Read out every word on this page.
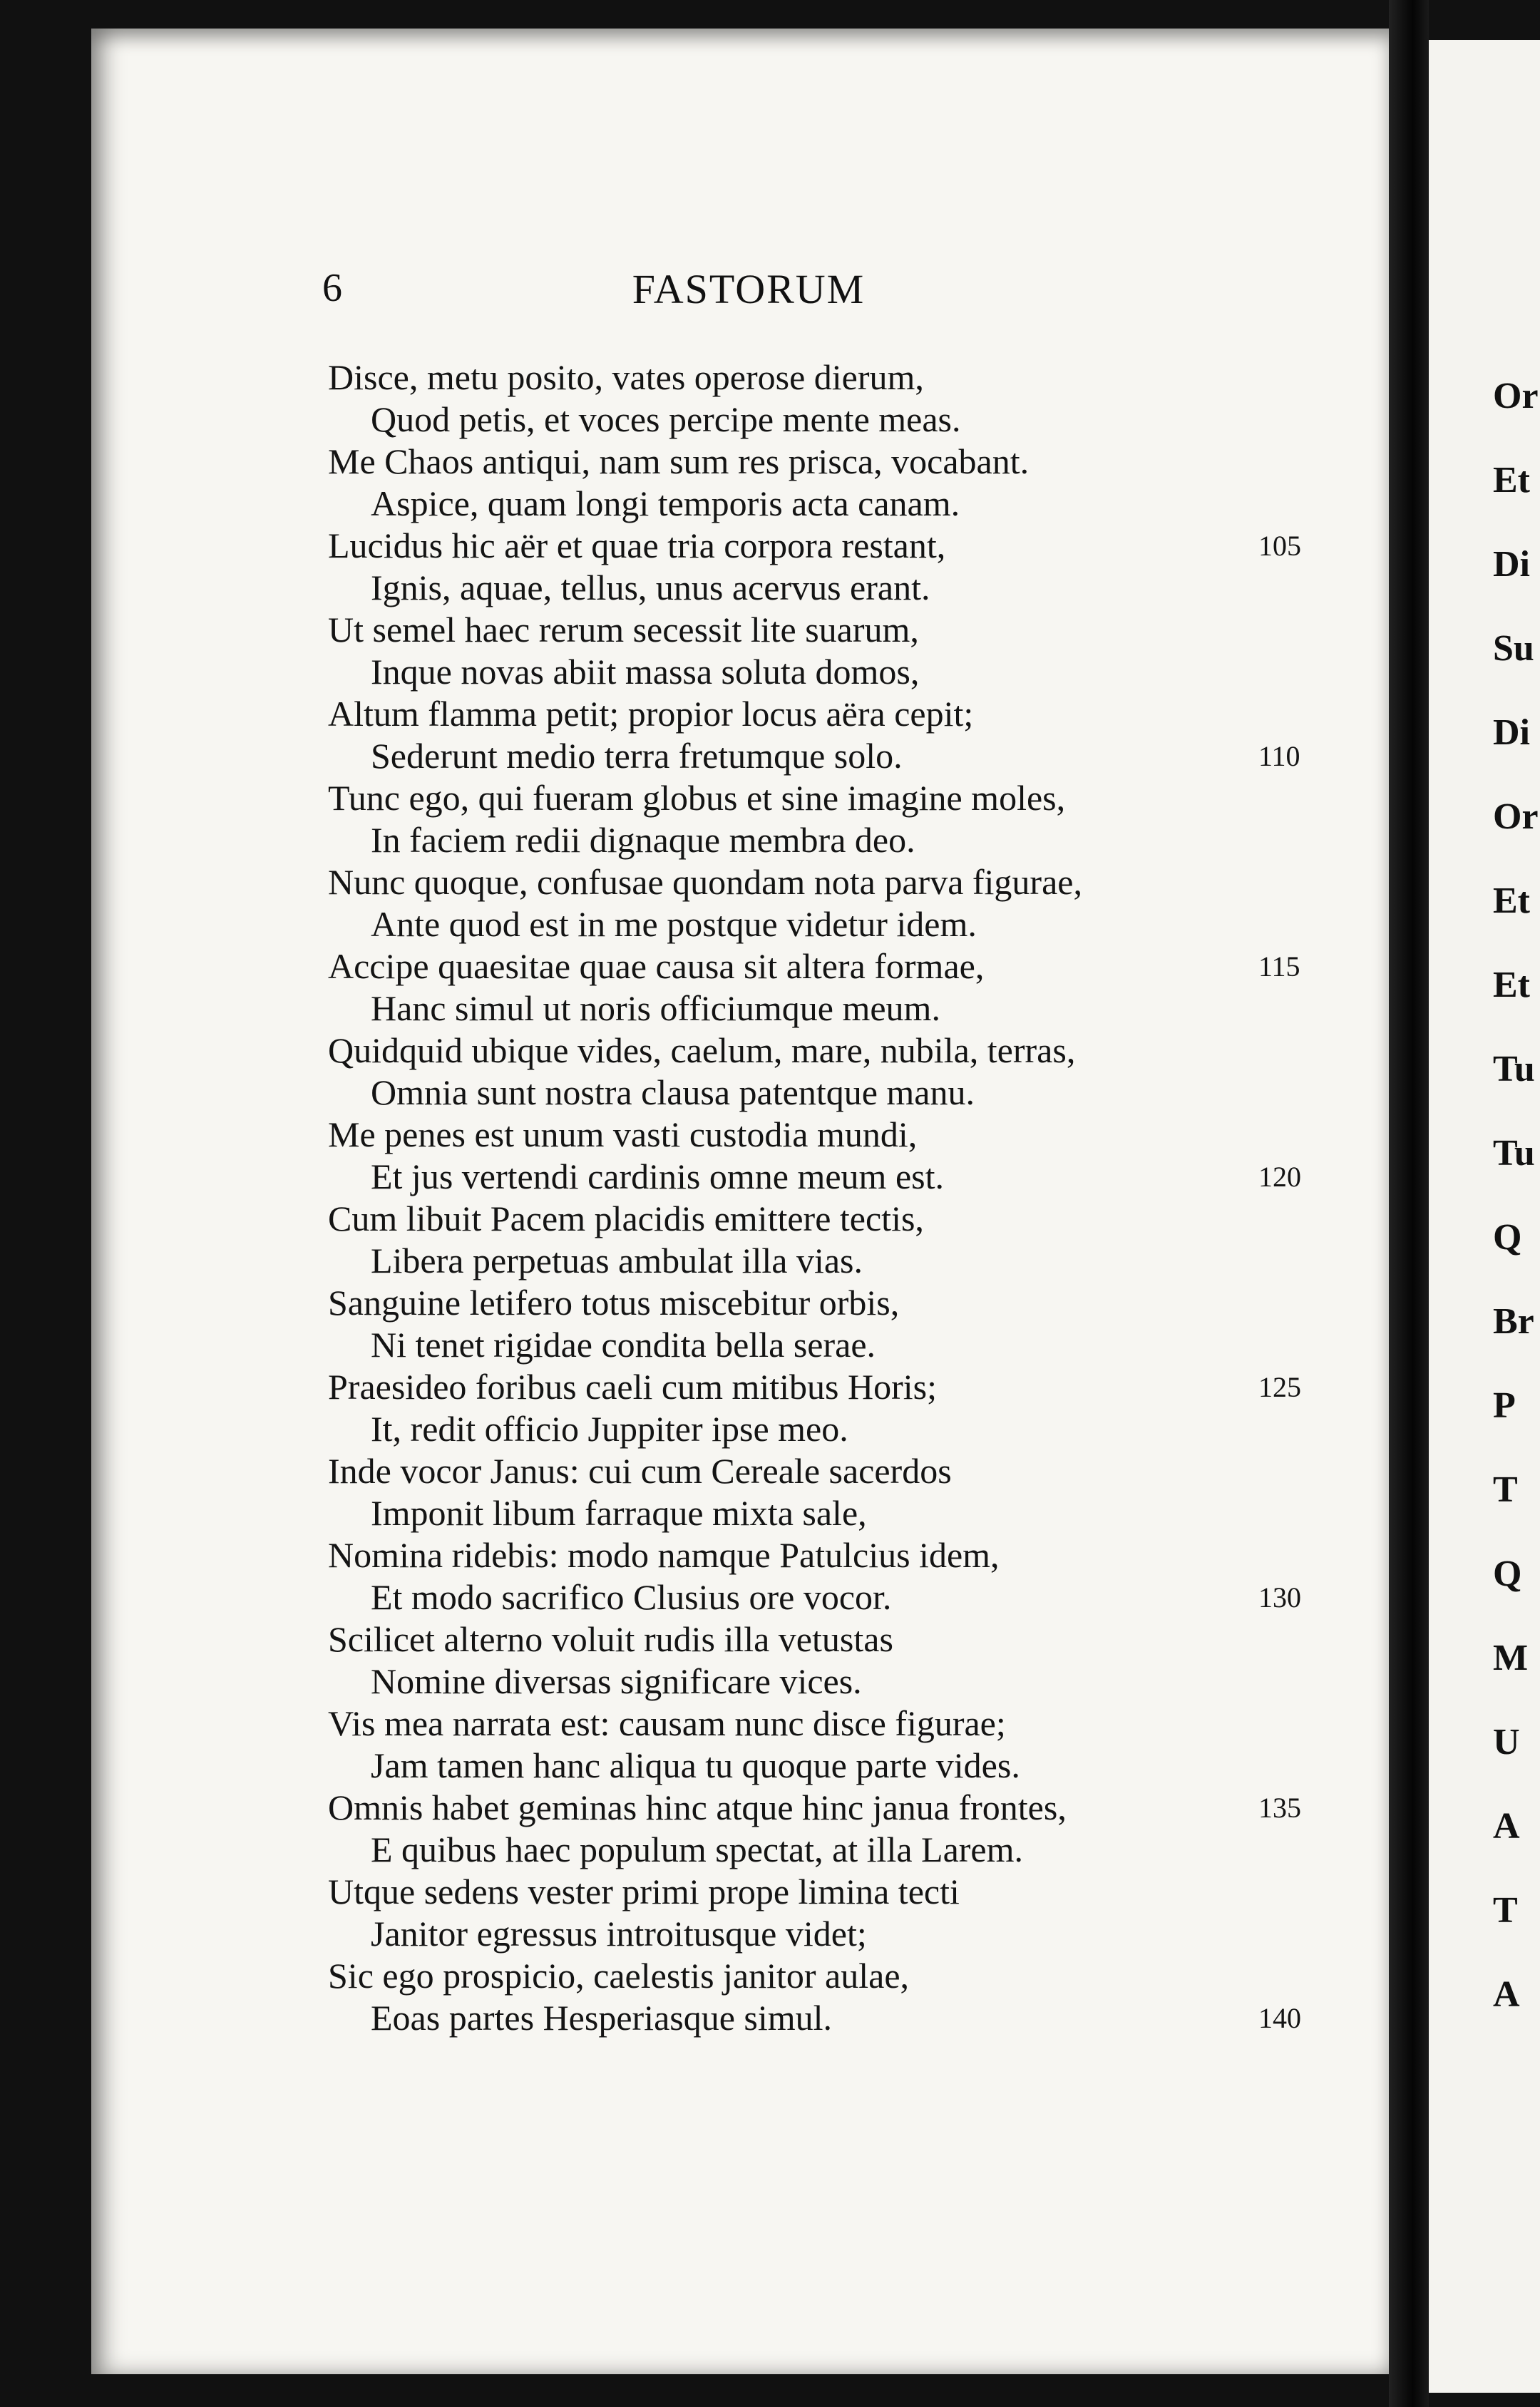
Or
Et
Di
Su
Di
Or
Et
Et
Tu
Tu
Q
Br
P
T
Q
M
U
A
T
A
6	FASTORUM
Disce, metu posito, vates operose dierum,
Quod petis, et voces percipe mente meas.
Me Chaos antiqui, nam sum res prisca, vocabant.
Aspice, quam longi temporis acta canam.
Lucidus hic aër et quae tria corpora restant,	105
Ignis, aquae, tellus, unus acervus erant.
Ut semel haec rerum secessit lite suarum,
Inque novas abiit massa soluta domos,
Altum flamma petit; propior locus aëra cepit;
Sederunt medio terra fretumque solo.	110
Tunc ego, qui fueram globus et sine imagine moles,
In faciem redii dignaque membra deo.
Nunc quoque, confusae quondam nota parva figurae,
Ante quod est in me postque videtur idem.
Accipe quaesitae quae causa sit altera formae,	115
Hanc simul ut noris officiumque meum.
Quidquid ubique vides, caelum, mare, nubila, terras,
Omnia sunt nostra clausa patentque manu.
Me penes est unum vasti custodia mundi,
Et jus vertendi cardinis omne meum est.	120
Cum libuit Pacem placidis emittere tectis,
Libera perpetuas ambulat illa vias.
Sanguine letifero totus miscebitur orbis,
Ni tenet rigidae condita bella serae.
Praesideo foribus caeli cum mitibus Horis;	125
It, redit officio Juppiter ipse meo.
Inde vocor Janus: cui cum Cereale sacerdos
Imponit libum farraque mixta sale,
Nomina ridebis: modo namque Patulcius idem,
Et modo sacrifico Clusius ore vocor.	130
Scilicet alterno voluit rudis illa vetustas
Nomine diversas significare vices.
Vis mea narrata est: causam nunc disce figurae;
Jam tamen hanc aliqua tu quoque parte vides.
Omnis habet geminas hinc atque hinc janua frontes,	135
E quibus haec populum spectat, at illa Larem.
Utque sedens vester primi prope limina tecti
Janitor egressus introitusque videt;
Sic ego prospicio, caelestis janitor aulae,
Eoas partes Hesperiasque simul.	140
